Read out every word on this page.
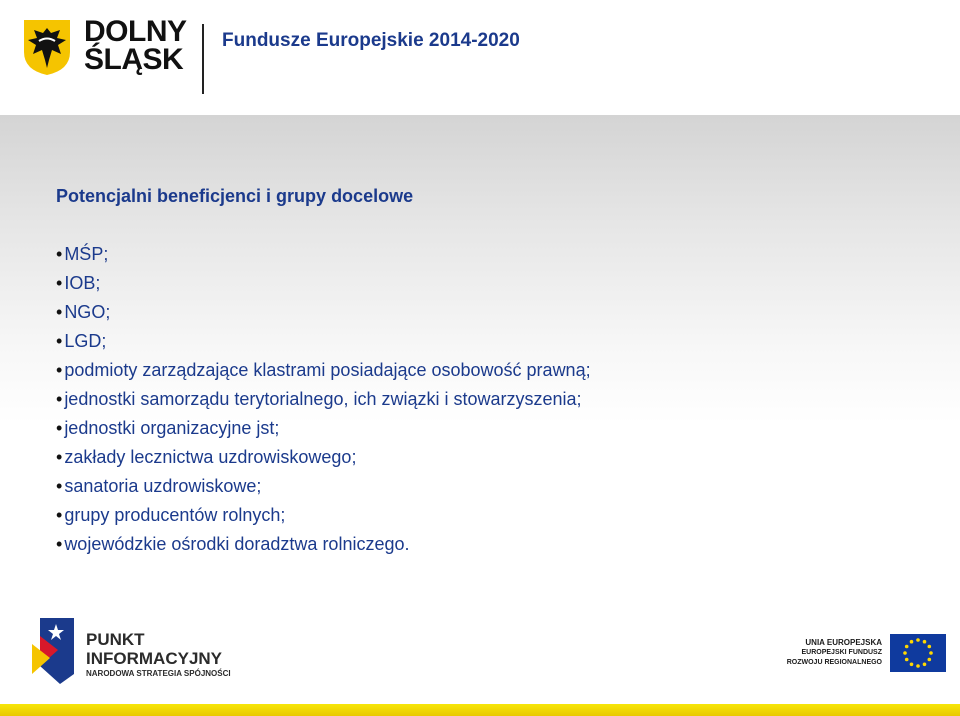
DOLNY
ŚLĄSK
Fundusze Europejskie 2014-2020
Potencjalni beneficjenci i grupy docelowe
• MŚP;
• IOB;
• NGO;
• LGD;
• podmioty zarządzające klastrami posiadające osobowość prawną;
• jednostki samorządu terytorialnego, ich związki i stowarzyszenia;
• jednostki organizacyjne jst;
• zakłady lecznictwa uzdrowiskowego;
• sanatoria uzdrowiskowe;
• grupy producentów rolnych;
• wojewódzkie ośrodki doradztwa rolniczego.
PUNKT
INFORMACYJNY
NARODOWA STRATEGIA SPÓJNOŚCI
UNIA EUROPEJSKA
EUROPEJSKI FUNDUSZ
ROZWOJU REGIONALNEGO
